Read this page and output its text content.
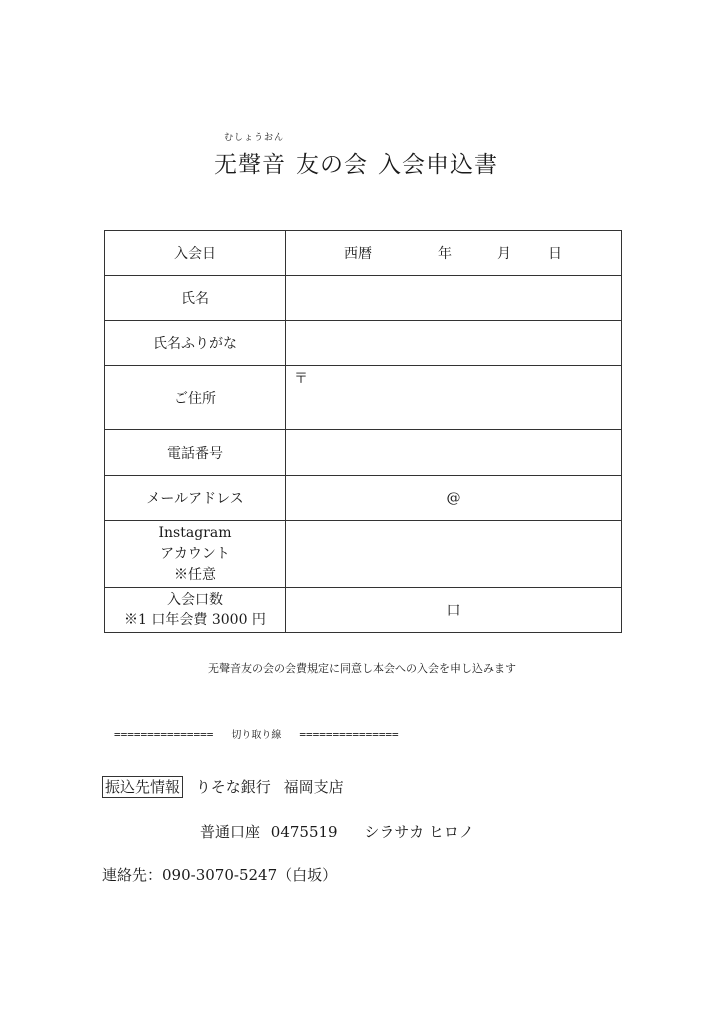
むしょうおん
无聲音 友の会 入会申込書
入会日	西暦 年 月 日

氏名	
氏名ふりがな	
ご住所	〒

電話番号	
メールアドレス	@

Instagram
アカウント
※任意	

入会口数
※1 口年会費 3000 円	口
无聲音友の会の会費規定に同意し本会への入会を申し込みます
=============== 切り取り線 ===============
振込先情報 りそな銀行 福岡支店
普通口座 0475519 シラサカ ヒロノ
連絡先：090-3070-5247（白坂）
